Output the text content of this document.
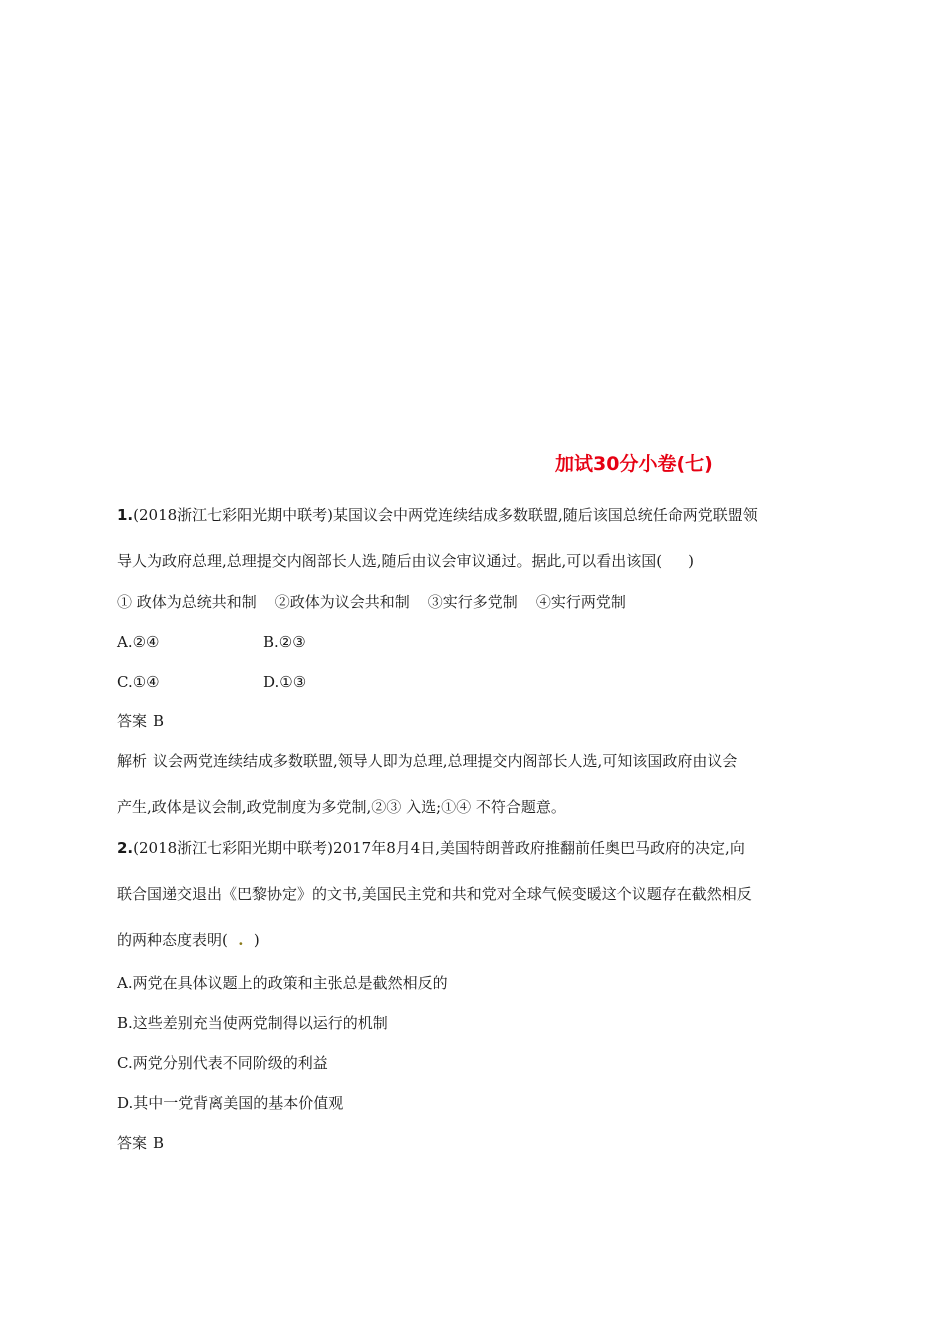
加试30分小卷(七)
1.(2018浙江七彩阳光期中联考)某国议会中两党连续结成多数联盟,随后该国总统任命两党联盟领
导人为政府总理,总理提交内阁部长人选,随后由议会审议通过。据此,可以看出该国( )
① 政体为总统共和制 ②政体为议会共和制 ③实行多党制 ④实行两党制
A.②④	B.②③
C.①④	D.①③
答案 B
解析 议会两党连续结成多数联盟,领导人即为总理,总理提交内阁部长人选,可知该国政府由议会
产生,政体是议会制,政党制度为多党制,②③ 入选;①④ 不符合题意。
2.(2018浙江七彩阳光期中联考)2017年8月4日,美国特朗普政府推翻前任奥巴马政府的决定,向
联合国递交退出《巴黎协定》的文书,美国民主党和共和党对全球气候变暖这个议题存在截然相反
的两种态度表明( . )
A.两党在具体议题上的政策和主张总是截然相反的
B.这些差别充当使两党制得以运行的机制
C.两党分别代表不同阶级的利益
D.其中一党背离美国的基本价值观
答案 B
